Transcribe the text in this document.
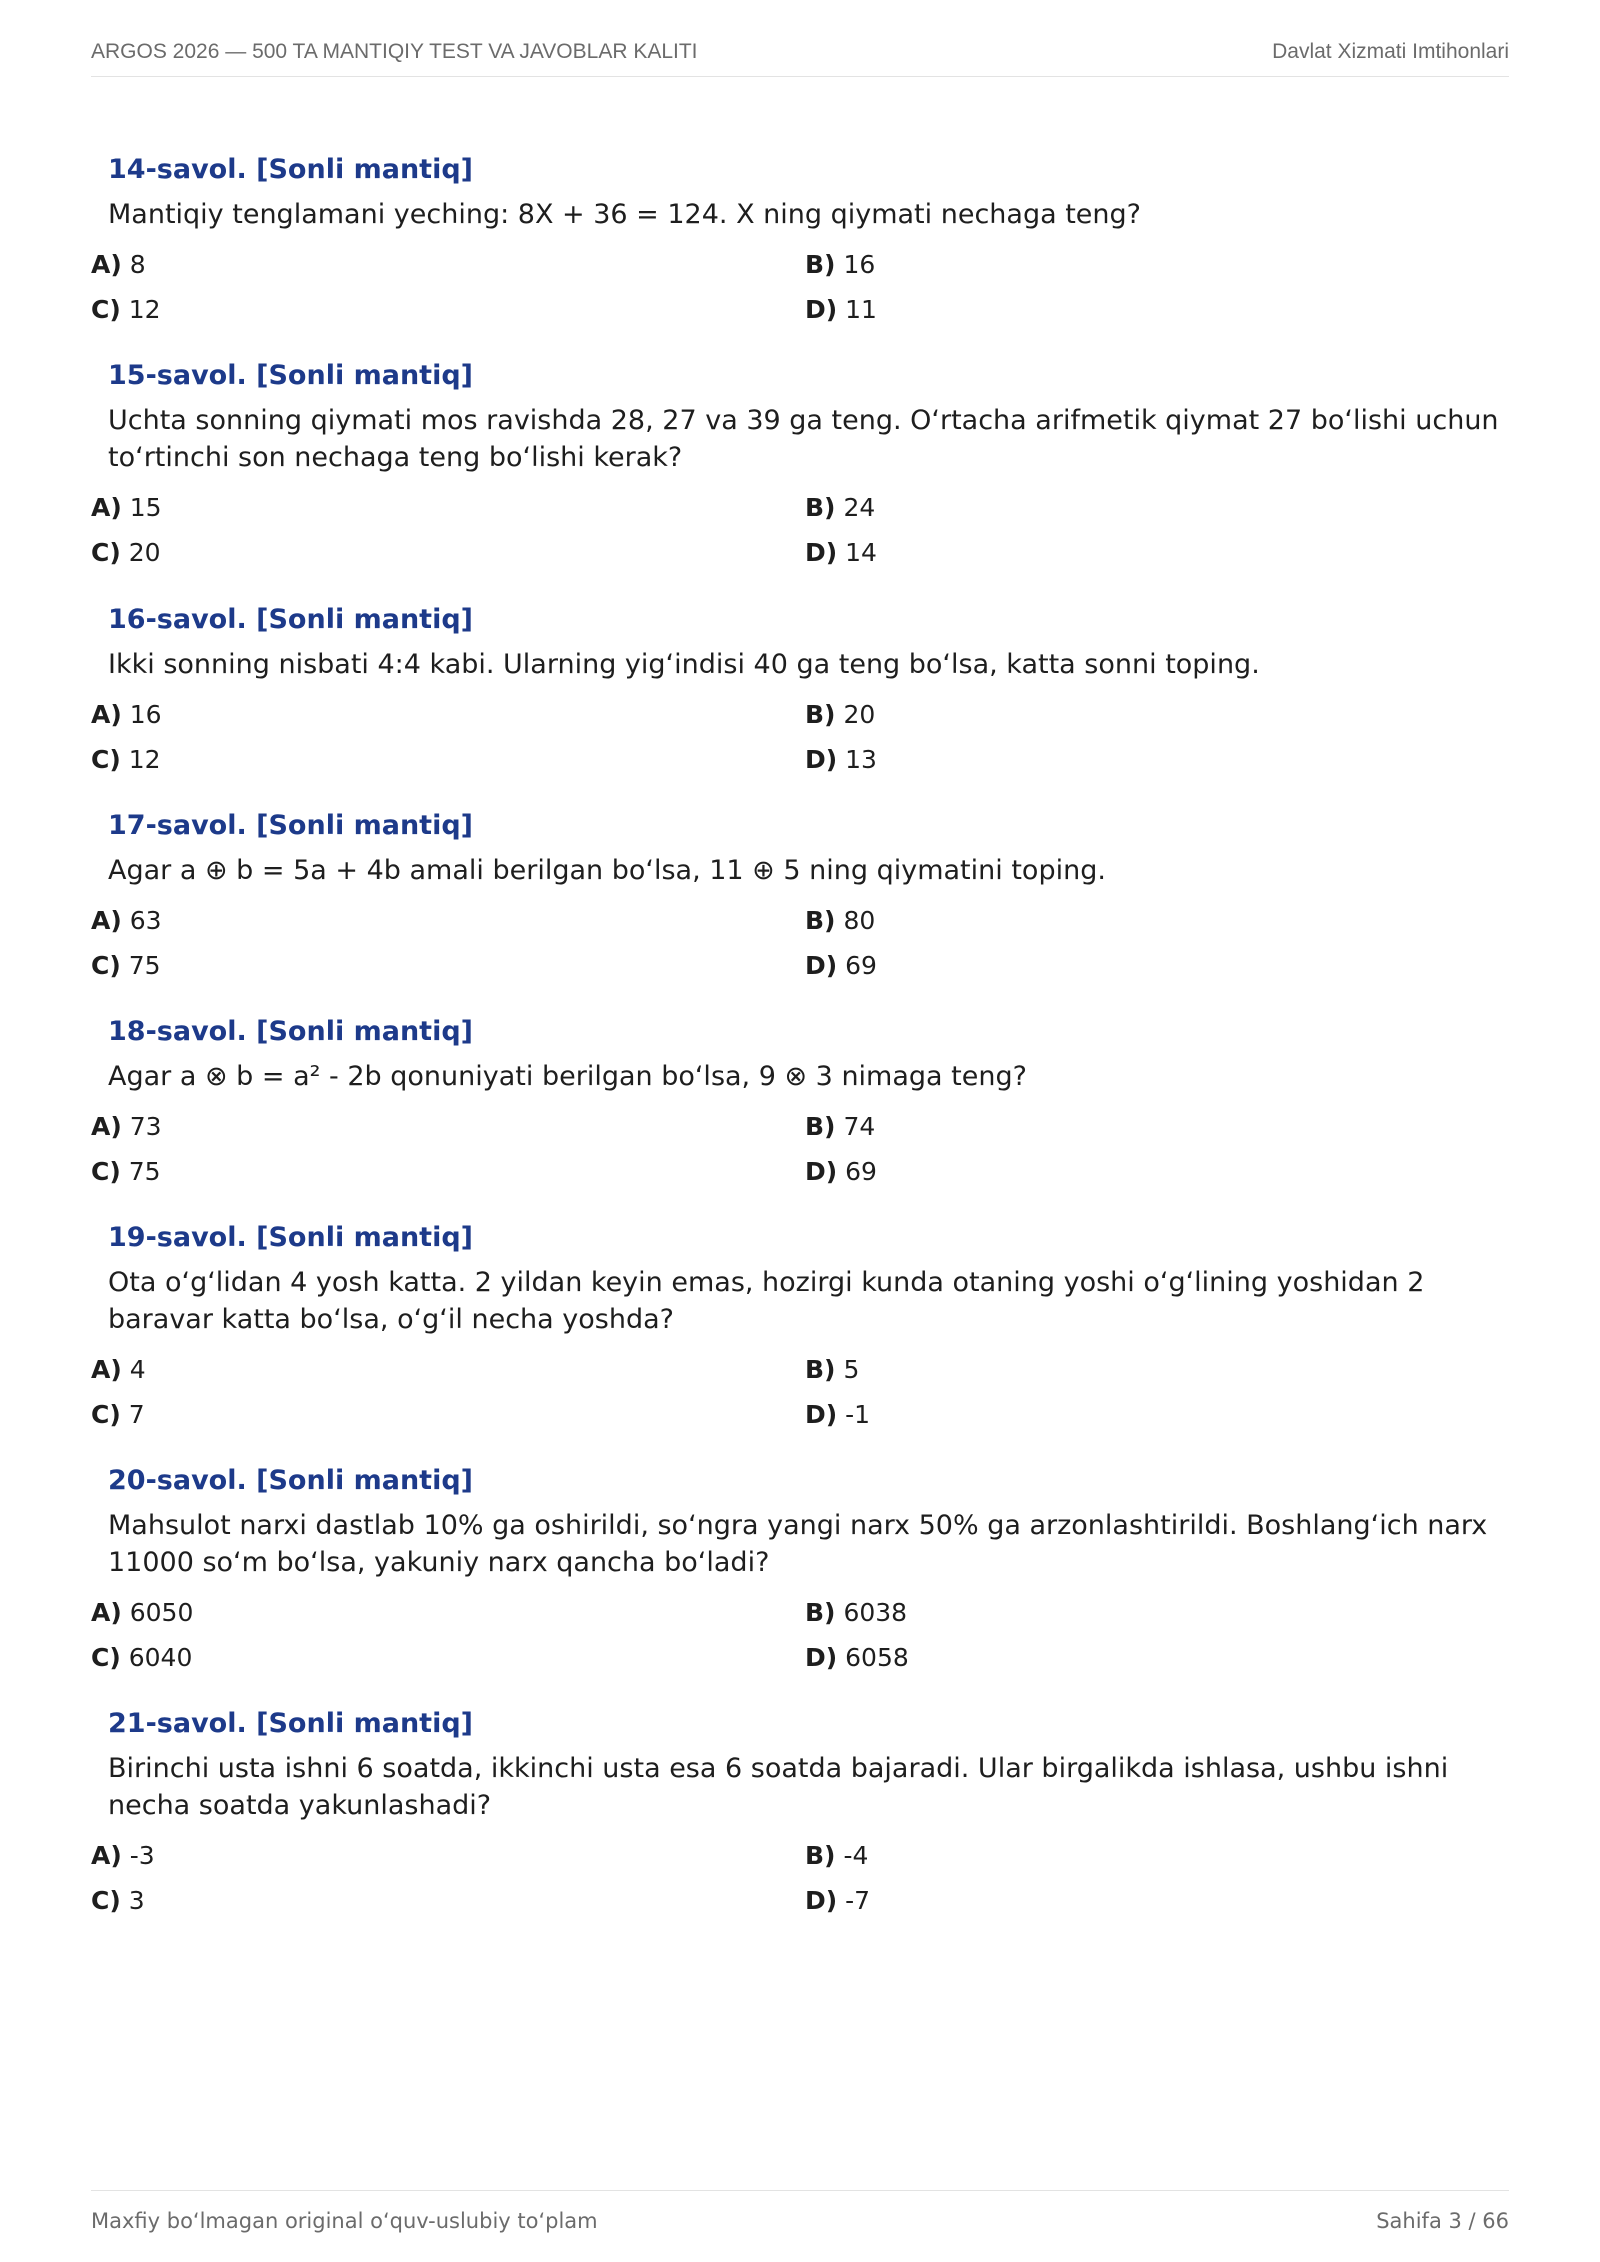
ARGOS 2026 — 500 TA MANTIQIY TEST VA JAVOBLAR KALITI	Davlat Xizmati Imtihonlari
14-savol. [Sonli mantiq]
Mantiqiy tenglamani yeching: 8X + 36 = 124. X ning qiymati nechaga teng?
A) 8	B) 16
C) 12	D) 11
15-savol. [Sonli mantiq]
Uchta sonning qiymati mos ravishda 28, 27 va 39 ga teng. O‘rtacha arifmetik qiymat 27 bo‘lishi uchun to‘rtinchi son nechaga teng bo‘lishi kerak?
A) 15	B) 24
C) 20	D) 14
16-savol. [Sonli mantiq]
Ikki sonning nisbati 4:4 kabi. Ularning yig‘indisi 40 ga teng bo‘lsa, katta sonni toping.
A) 16	B) 20
C) 12	D) 13
17-savol. [Sonli mantiq]
Agar a ⊕ b = 5a + 4b amali berilgan bo‘lsa, 11 ⊕ 5 ning qiymatini toping.
A) 63	B) 80
C) 75	D) 69
18-savol. [Sonli mantiq]
Agar a ⊗ b = a² - 2b qonuniyati berilgan bo‘lsa, 9 ⊗ 3 nimaga teng?
A) 73	B) 74
C) 75	D) 69
19-savol. [Sonli mantiq]
Ota o‘g‘lidan 4 yosh katta. 2 yildan keyin emas, hozirgi kunda otaning yoshi o‘g‘lining yoshidan 2 baravar katta bo‘lsa, o‘g‘il necha yoshda?
A) 4	B) 5
C) 7	D) -1
20-savol. [Sonli mantiq]
Mahsulot narxi dastlab 10% ga oshirildi, so‘ngra yangi narx 50% ga arzonlashtirildi. Boshlang‘ich narx 11000 so‘m bo‘lsa, yakuniy narx qancha bo‘ladi?
A) 6050	B) 6038
C) 6040	D) 6058
21-savol. [Sonli mantiq]
Birinchi usta ishni 6 soatda, ikkinchi usta esa 6 soatda bajaradi. Ular birgalikda ishlasa, ushbu ishni necha soatda yakunlashadi?
A) -3	B) -4
C) 3	D) -7
Maxfiy bo‘lmagan original o‘quv-uslubiy to‘plam	Sahifa 3 / 66
